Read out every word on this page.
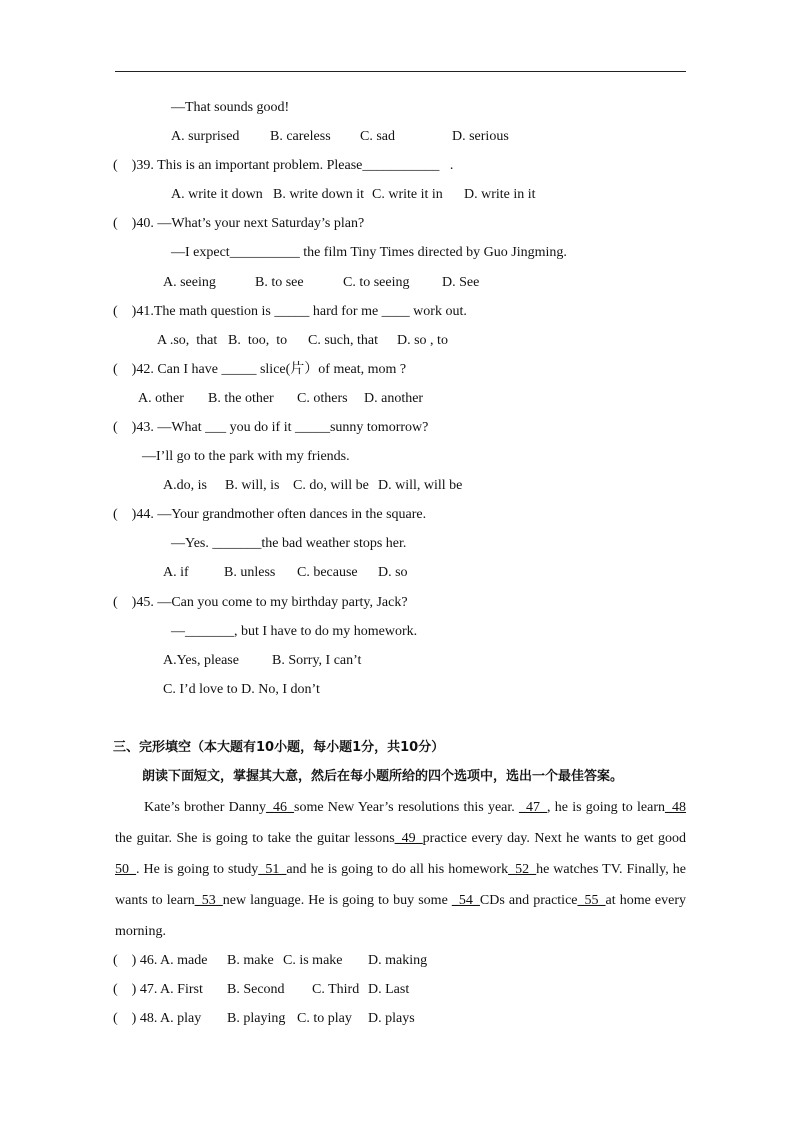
—That sounds good!
A. surprised B. careless C. sad	D. serious
(    )39. This is an important problem. Please___________   .
A. write it down B. write down it C. write it in D. write in it
(    )40. —What’s your next Saturday’s plan?
—I expect__________ the film Tiny Times directed by Guo Jingming.
A. seeing	B. to see	C. to seeing D. See
(    )41.The math question is _____ hard for me ____ work out.
A .so,  that B.  too,  to C. such, that D. so , to
(    )42. Can I have _____ slice(片）of meat, mom ?
A. other B. the other C. others D. another
(    )43. —What ___ you do if it _____sunny tomorrow?
—I’ll go to the park with my friends.
A.do, is B. will, is C. do, will be D. will, will be
(    )44. —Your grandmother often dances in the square.
—Yes. _______the bad weather stops her.
A. if	B. unless C. because D. so
(    )45. —Can you come to my birthday party, Jack?
—_______, but I have to do my homework.
A.Yes, please B. Sorry, I can’t
C. I’d love to D. No, I don’t
三、完形填空（本大题有10小题，每小题1分，共10分）
朗读下面短文，掌握其大意，然后在每小题所给的四个选项中，选出一个最佳答案。
Kate’s brother Danny_46_some New Year’s resolutions this year. _47_, he is going to learn_48 the guitar. She is going to take the guitar lessons_49_practice every day. Next he wants to get good 50_. He is going to study_51_and he is going to do all his homework_52_he watches TV. Finally, he wants to learn_53_new language. He is going to buy some _54_CDs and practice_55_at home every morning.
(    ) 46. A. made B. make C. is make D. making
(    ) 47. A. First B. Second C. Third D. Last
(    ) 48. A. play B. playing C. to play D. plays
